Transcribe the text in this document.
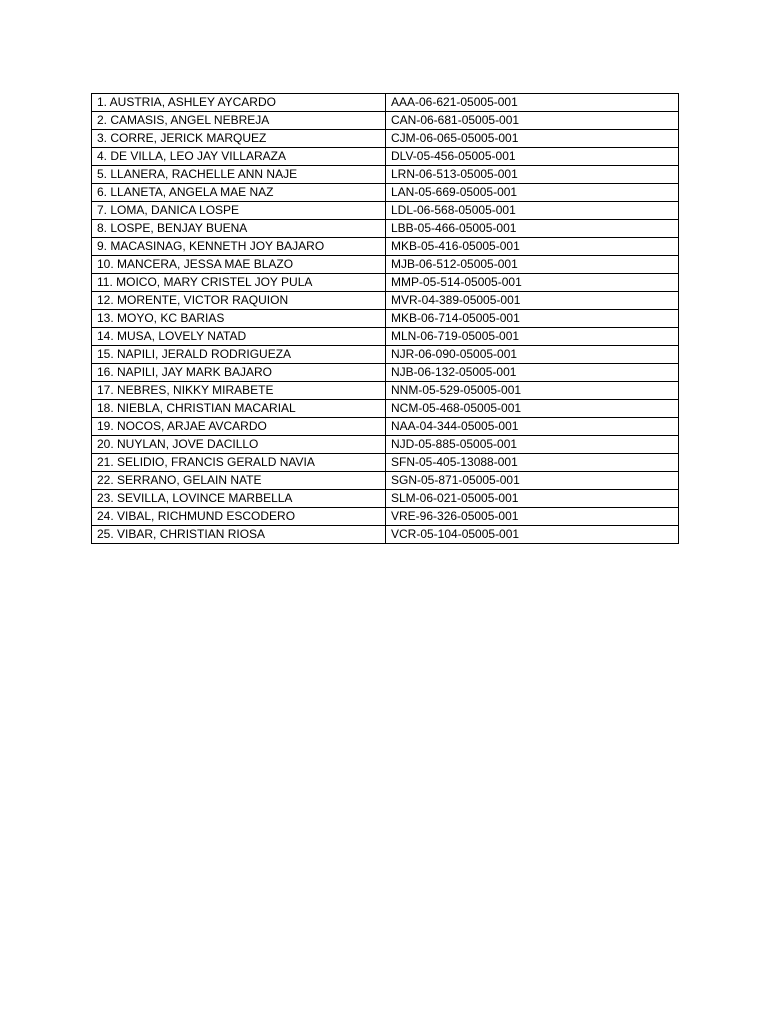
1. AUSTRIA, ASHLEY AYCARDO	AAA-06-621-05005-001
2. CAMASIS, ANGEL NEBREJA	CAN-06-681-05005-001
3. CORRE, JERICK MARQUEZ	CJM-06-065-05005-001
4. DE VILLA, LEO JAY VILLARAZA	DLV-05-456-05005-001
5. LLANERA, RACHELLE ANN NAJE	LRN-06-513-05005-001
6. LLANETA, ANGELA MAE NAZ	LAN-05-669-05005-001
7. LOMA, DANICA LOSPE	LDL-06-568-05005-001
8. LOSPE, BENJAY BUENA	LBB-05-466-05005-001
9. MACASINAG, KENNETH JOY BAJARO	MKB-05-416-05005-001
10. MANCERA, JESSA MAE BLAZO	MJB-06-512-05005-001
11. MOICO, MARY CRISTEL JOY PULA	MMP-05-514-05005-001
12. MORENTE, VICTOR RAQUION	MVR-04-389-05005-001
13. MOYO, KC BARIAS	MKB-06-714-05005-001
14. MUSA, LOVELY NATAD	MLN-06-719-05005-001
15. NAPILI, JERALD RODRIGUEZA	NJR-06-090-05005-001
16. NAPILI, JAY MARK BAJARO	NJB-06-132-05005-001
17. NEBRES, NIKKY MIRABETE	NNM-05-529-05005-001
18. NIEBLA, CHRISTIAN MACARIAL	NCM-05-468-05005-001
19. NOCOS, ARJAE AVCARDO	NAA-04-344-05005-001
20. NUYLAN, JOVE DACILLO	NJD-05-885-05005-001
21. SELIDIO, FRANCIS GERALD NAVIA	SFN-05-405-13088-001
22. SERRANO, GELAIN NATE	SGN-05-871-05005-001
23. SEVILLA, LOVINCE MARBELLA	SLM-06-021-05005-001
24. VIBAL, RICHMUND ESCODERO	VRE-96-326-05005-001
25. VIBAR, CHRISTIAN RIOSA	VCR-05-104-05005-001
